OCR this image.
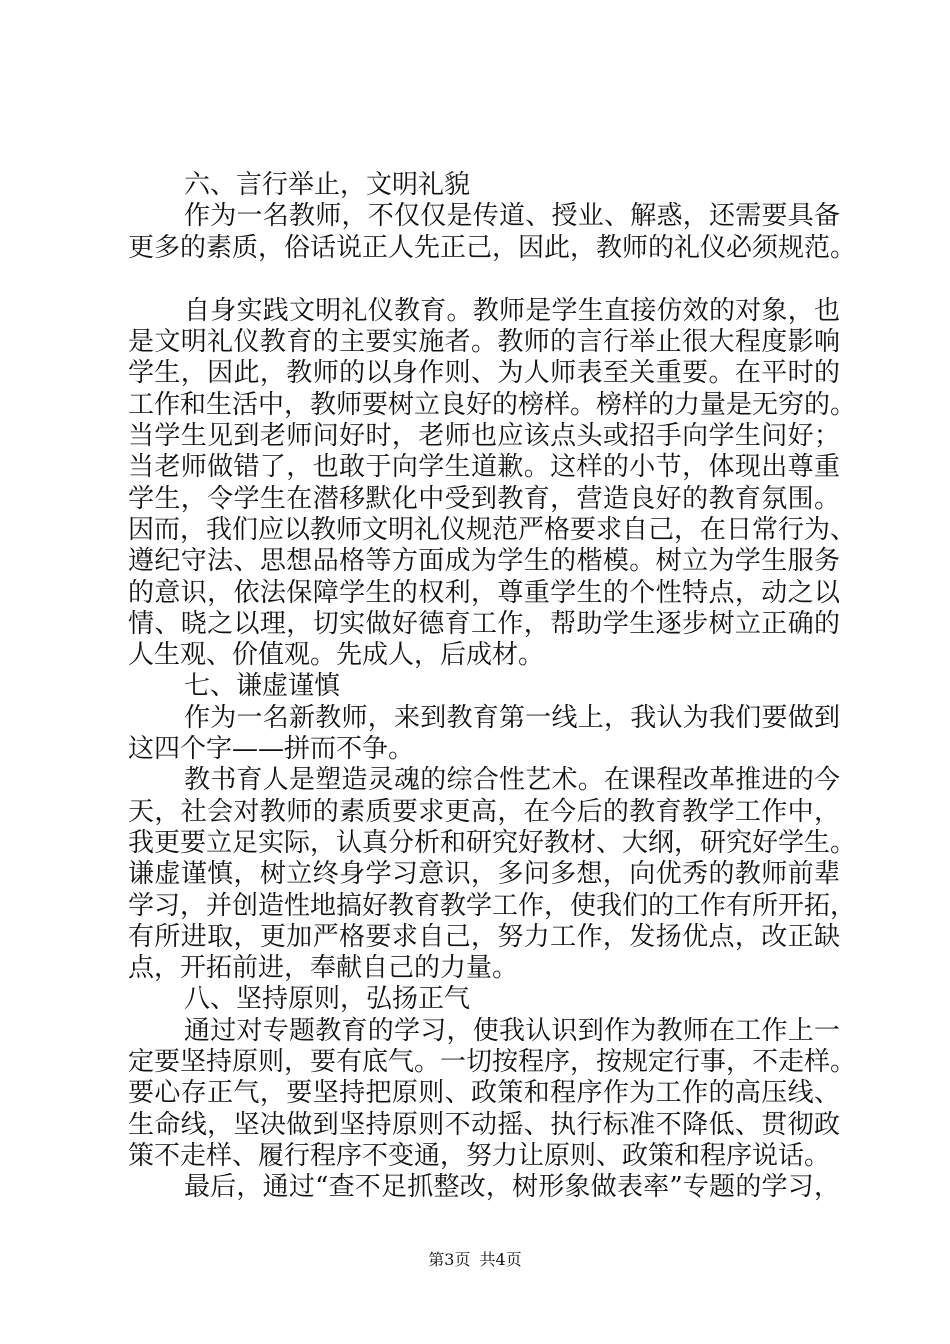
六、言行举止，文明礼貌
作为一名教师，不仅仅是传道、授业、解惑，还需要具备
更多的素质，俗话说正人先正己，因此，教师的礼仪必须规范。
自身实践文明礼仪教育。教师是学生直接仿效的对象，也
是文明礼仪教育的主要实施者。教师的言行举止很大程度影响
学生，因此，教师的以身作则、为人师表至关重要。在平时的
工作和生活中，教师要树立良好的榜样。榜样的力量是无穷的。
当学生见到老师问好时，老师也应该点头或招手向学生问好；
当老师做错了，也敢于向学生道歉。这样的小节，体现出尊重
学生，令学生在潜移默化中受到教育，营造良好的教育氛围。
因而，我们应以教师文明礼仪规范严格要求自己，在日常行为、
遵纪守法、思想品格等方面成为学生的楷模。树立为学生服务
的意识，依法保障学生的权利，尊重学生的个性特点，动之以
情、晓之以理，切实做好德育工作，帮助学生逐步树立正确的
人生观、价值观。先成人，后成材。
七、谦虚谨慎
作为一名新教师，来到教育第一线上，我认为我们要做到
这四个字——拼而不争。
教书育人是塑造灵魂的综合性艺术。在课程改革推进的今
天，社会对教师的素质要求更高，在今后的教育教学工作中，
我更要立足实际，认真分析和研究好教材、大纲，研究好学生。
谦虚谨慎，树立终身学习意识，多问多想，向优秀的教师前辈
学习，并创造性地搞好教育教学工作，使我们的工作有所开拓，
有所进取，更加严格要求自己，努力工作，发扬优点，改正缺
点，开拓前进，奉献自己的力量。
八、坚持原则，弘扬正气
通过对专题教育的学习，使我认识到作为教师在工作上一
定要坚持原则，要有底气。一切按程序，按规定行事，不走样。
要心存正气，要坚持把原则、政策和程序作为工作的高压线、
生命线，坚决做到坚持原则不动摇、执行标准不降低、贯彻政
策不走样、履行程序不变通，努力让原则、政策和程序说话。
最后，通过“查不足抓整改，树形象做表率”专题的学习，
第3页 共4页
